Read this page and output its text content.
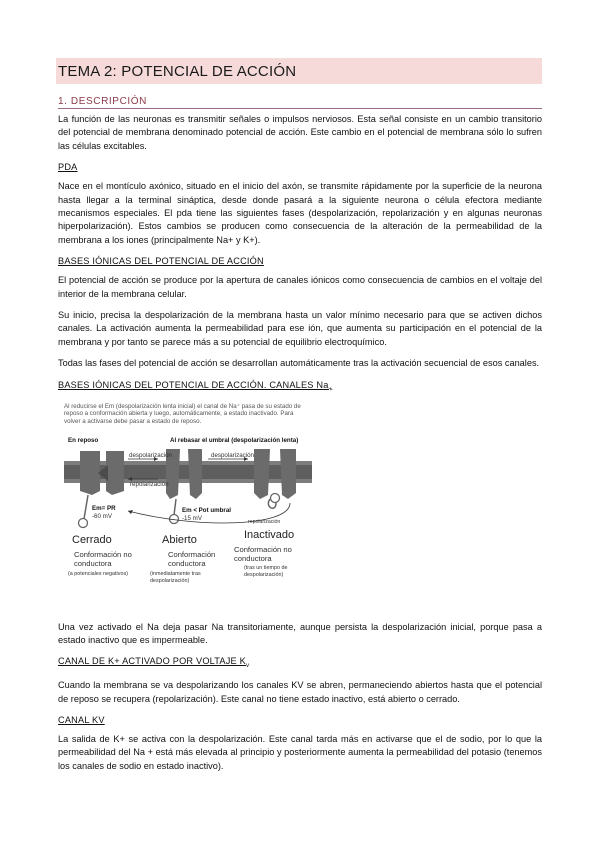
TEMA 2: POTENCIAL DE ACCIÓN
1. DESCRIPCIÓN

La función de las neuronas es transmitir señales o impulsos nerviosos. Esta señal consiste en un cambio transitorio del potencial de membrana denominado potencial de acción. Este cambio en el potencial de membrana sólo lo sufren las células excitables.

PDA

Nace en el montículo axónico, situado en el inicio del axón, se transmite rápidamente por la superficie de la neurona hasta llegar a la terminal sináptica, desde donde pasará a la siguiente neurona o célula efectora mediante mecanismos especiales. El pda tiene las siguientes fases (despolarización, repolarización y en algunas neuronas hiperpolarización). Estos cambios se producen como consecuencia de la alteración de la permeabilidad de la membrana a los iones (principalmente Na+ y K+).

BASES IÓNICAS DEL POTENCIAL DE ACCIÓN

El potencial de acción se produce por la apertura de canales iónicos como consecuencia de cambios en el voltaje del interior de la membrana celular.

Su inicio, precisa la despolarización de la membrana hasta un valor mínimo necesario para que se activen dichos canales. La activación aumenta la permeabilidad para ese ión, que aumenta su participación en el potencial de la membrana y por tanto se parece más a su potencial de equilibrio electroquímico.

Todas las fases del potencial de acción se desarrollan automáticamente tras la activación secuencial de esos canales.

BASES IÓNICAS DEL POTENCIAL DE ACCIÓN. CANALES $Na_+$
Al reducirse el Em (despolarización lenta inicial) el canal de Na⁺ pasa de su estado de reposo a conformación abierta y luego, automáticamente, a estado inactivado. Para volver a activarse debe pasar a estado de reposo.
En reposo	Al rebasar el umbral (despolarización lenta)
despolarización
repolarización
despolarización
repolarización
Em= PR
-60 mV
Em < Pot umbral
-15 mV
Cerrado	Abierto	Inactivado
Conformación no conductora
(a potenciales negativos)
Conformación conductora
(inmediatamente tras despolarización)
Conformación no conductora
(tras un tiempo de despolarización)

Una vez activado el Na deja pasar Na transitoriamente, aunque persista la despolarización inicial, porque pasa a estado inactivo que es impermeable.

CANAL DE K+ ACTIVADO POR VOLTAJE $K_v$

Cuando la membrana se va despolarizando los canales KV se abren, permaneciendo abiertos hasta que el potencial de reposo se recupera (repolarización). Este canal no tiene estado inactivo, está abierto o cerrado.

CANAL KV

La salida de K+ se activa con la despolarización. Este canal tarda más en activarse que el de sodio, por lo que la permeabilidad del Na + está más elevada al principio y posteriormente aumenta la permeabilidad del potasio (tenemos los canales de sodio en estado inactivo).
